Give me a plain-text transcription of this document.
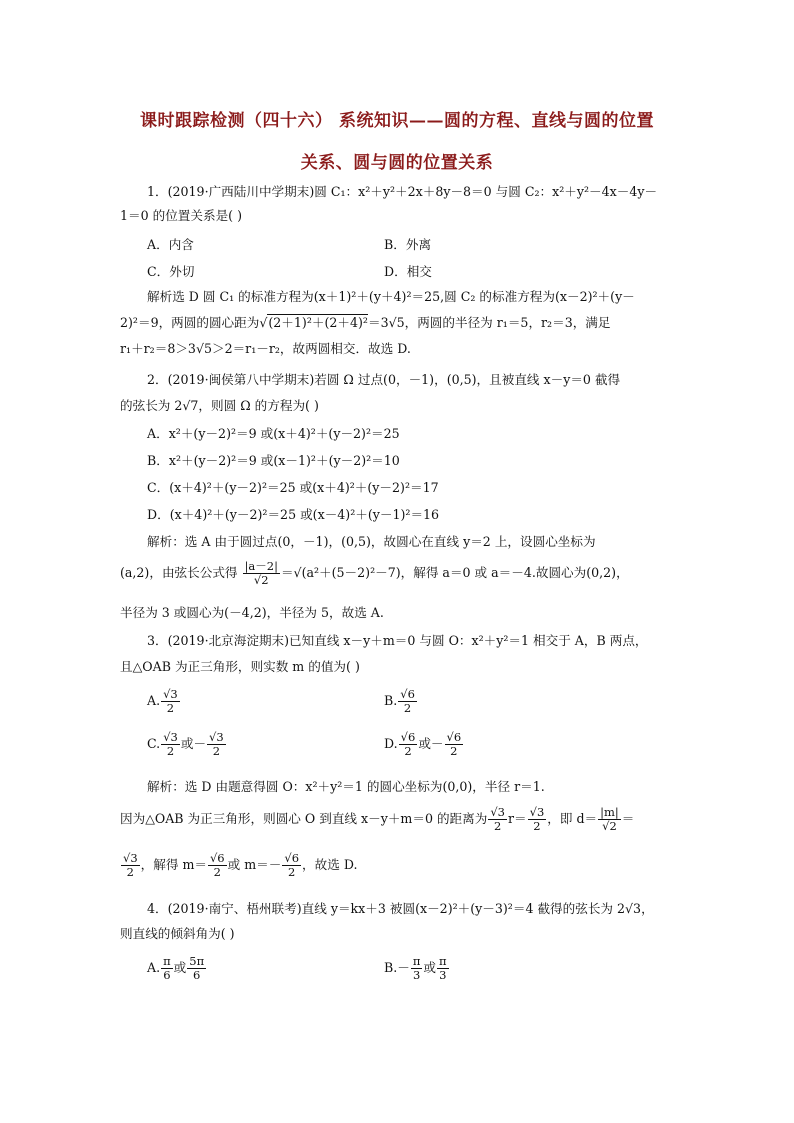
课时跟踪检测（四十六） 系统知识——圆的方程、直线与圆的位置
关系、圆与圆的位置关系
1．(2019·广西陆川中学期末)圆 C₁：x²＋y²＋2x＋8y－8＝0 与圆 C₂：x²＋y²－4x－4y－
1＝0 的位置关系是( )
A．内含	B．外离
C．外切	D．相交
解析选 D 圆 C₁ 的标准方程为(x＋1)²＋(y＋4)²＝25,圆 C₂ 的标准方程为(x－2)²＋(y－
2)²＝9，两圆的圆心距为√ (2＋1)²＋(2＋4)²＝3√5，两圆的半径为 r₁＝5，r₂＝3，满足
r₁＋r₂＝8＞3√5＞2＝r₁－r₂，故两圆相交．故选 D.
2．(2019·闽侯第八中学期末)若圆 Ω 过点(0，－1)，(0,5)，且被直线 x－y＝0 截得
的弦长为 2√7，则圆 Ω 的方程为( )
A．x²＋(y－2)²＝9 或(x＋4)²＋(y－2)²＝25
B．x²＋(y－2)²＝9 或(x－1)²＋(y－2)²＝10
C．(x＋4)²＋(y－2)²＝25 或(x＋4)²＋(y－2)²＝17
D．(x＋4)²＋(y－2)²＝25 或(x－4)²＋(y－1)²＝16
解析：选 A 由于圆过点(0，－1)，(0,5)，故圆心在直线 y＝2 上，设圆心坐标为
(a,2)，由弦长公式得 $\frac{|a-2|}{√2} =√(a^2+(5-2)^2-7)$，解得 a＝0 或 a＝－4.故圆心为(0,2)，
半径为 3 或圆心为(－4,2)，半径为 5，故选 A.
3．(2019·北京海淀期末)已知直线 x－y＋m＝0 与圆 O：x²＋y²＝1 相交于 A，B 两点，
且△OAB 为正三角形，则实数 m 的值为( )
A. $\frac{√3}{2}$	B. $\frac{√6}{2}$
C. $\frac{√3}{2}$ 或－ $\frac{√3}{2}$	D. $\frac{√6}{2}$ 或－ $\frac{√6}{2}$
解析：选 D 由题意得圆 O：x²＋y²＝1 的圆心坐标为(0,0)，半径 r＝1.
因为△OAB 为正三角形，则圆心 O 到直线 x－y＋m＝0 的距离为 $\frac{√3}{2} r= \frac{√3}{2}$ ，即 $d= \frac{|m|}{√2}$ ＝
$\frac{√3}{2}$ ，解得 $m= \frac{√6}{2}$ 或 $m=- \frac{√6}{2}$ ，故选 D.
4．(2019·南宁、梧州联考)直线 y＝kx＋3 被圆(x－2)²＋(y－3)²＝4 截得的弦长为 2√3，
则直线的倾斜角为( )
A. $\frac{\pi}{6}$ 或 $\frac{5\pi}{6}$	$B.- \frac{\pi}{3}$ 或 $\frac{\pi}{3}$
